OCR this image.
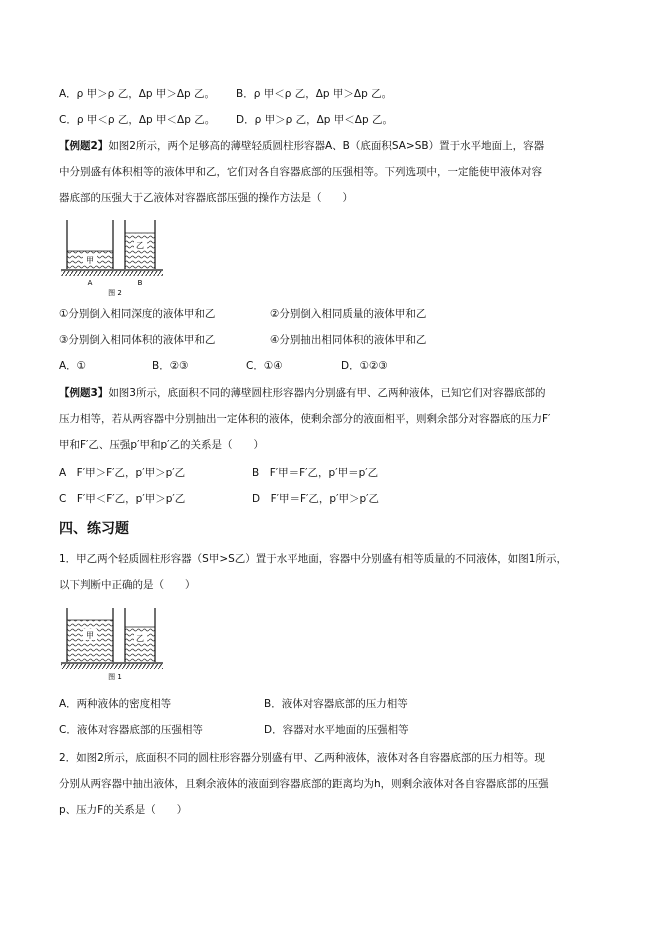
A．ρ 甲＞ρ 乙，Δp 甲＞Δp 乙。 B．ρ 甲＜ρ 乙，Δp 甲＞Δp 乙。
C．ρ 甲＜ρ 乙，Δp 甲＜Δp 乙。 D．ρ 甲＞ρ 乙，Δp 甲＜Δp 乙。
【例题2】如图2所示，两个足够高的薄壁轻质圆柱形容器A、B（底面积SA>SB）置于水平地面上，容器
中分别盛有体积相等的液体甲和乙，它们对各自容器底部的压强相等。下列选项中，一定能使甲液体对容
器底部的压强大于乙液体对容器底部压强的操作方法是（　　）
甲
乙
A	B
图 2
①分别倒入相同深度的液体甲和乙	②分别倒入相同质量的液体甲和乙
③分别倒入相同体积的液体甲和乙	④分别抽出相同体积的液体甲和乙
A．①	B．②③	C．①④	D．①②③
【例题3】如图3所示，底面积不同的薄壁圆柱形容器内分别盛有甲、乙两种液体，已知它们对容器底部的
压力相等，若从两容器中分别抽出一定体积的液体，使剩余部分的液面相平，则剩余部分对容器底的压力F′
甲和F′乙、压强p′甲和p′乙的关系是（　　）
A　F′甲＞F′乙，p′甲＞p′乙	B　F′甲＝F′乙，p′甲＝p′乙
C　F′甲＜F′乙，p′甲＞p′乙	D　F′甲＝F′乙，p′甲＞p′乙
四、练习题
1．甲乙两个轻质圆柱形容器（S甲>S乙）置于水平地面，容器中分别盛有相等质量的不同液体，如图1所示，
以下判断中正确的是（　　）
甲	乙
图 1
A．两种液体的密度相等	B．液体对容器底部的压力相等
C．液体对容器底部的压强相等	D．容器对水平地面的压强相等
2．如图2所示，底面积不同的圆柱形容器分别盛有甲、乙两种液体，液体对各自容器底部的压力相等。现
分别从两容器中抽出液体，且剩余液体的液面到容器底部的距离均为h，则剩余液体对各自容器底部的压强
p、压力F的关系是（　　）
